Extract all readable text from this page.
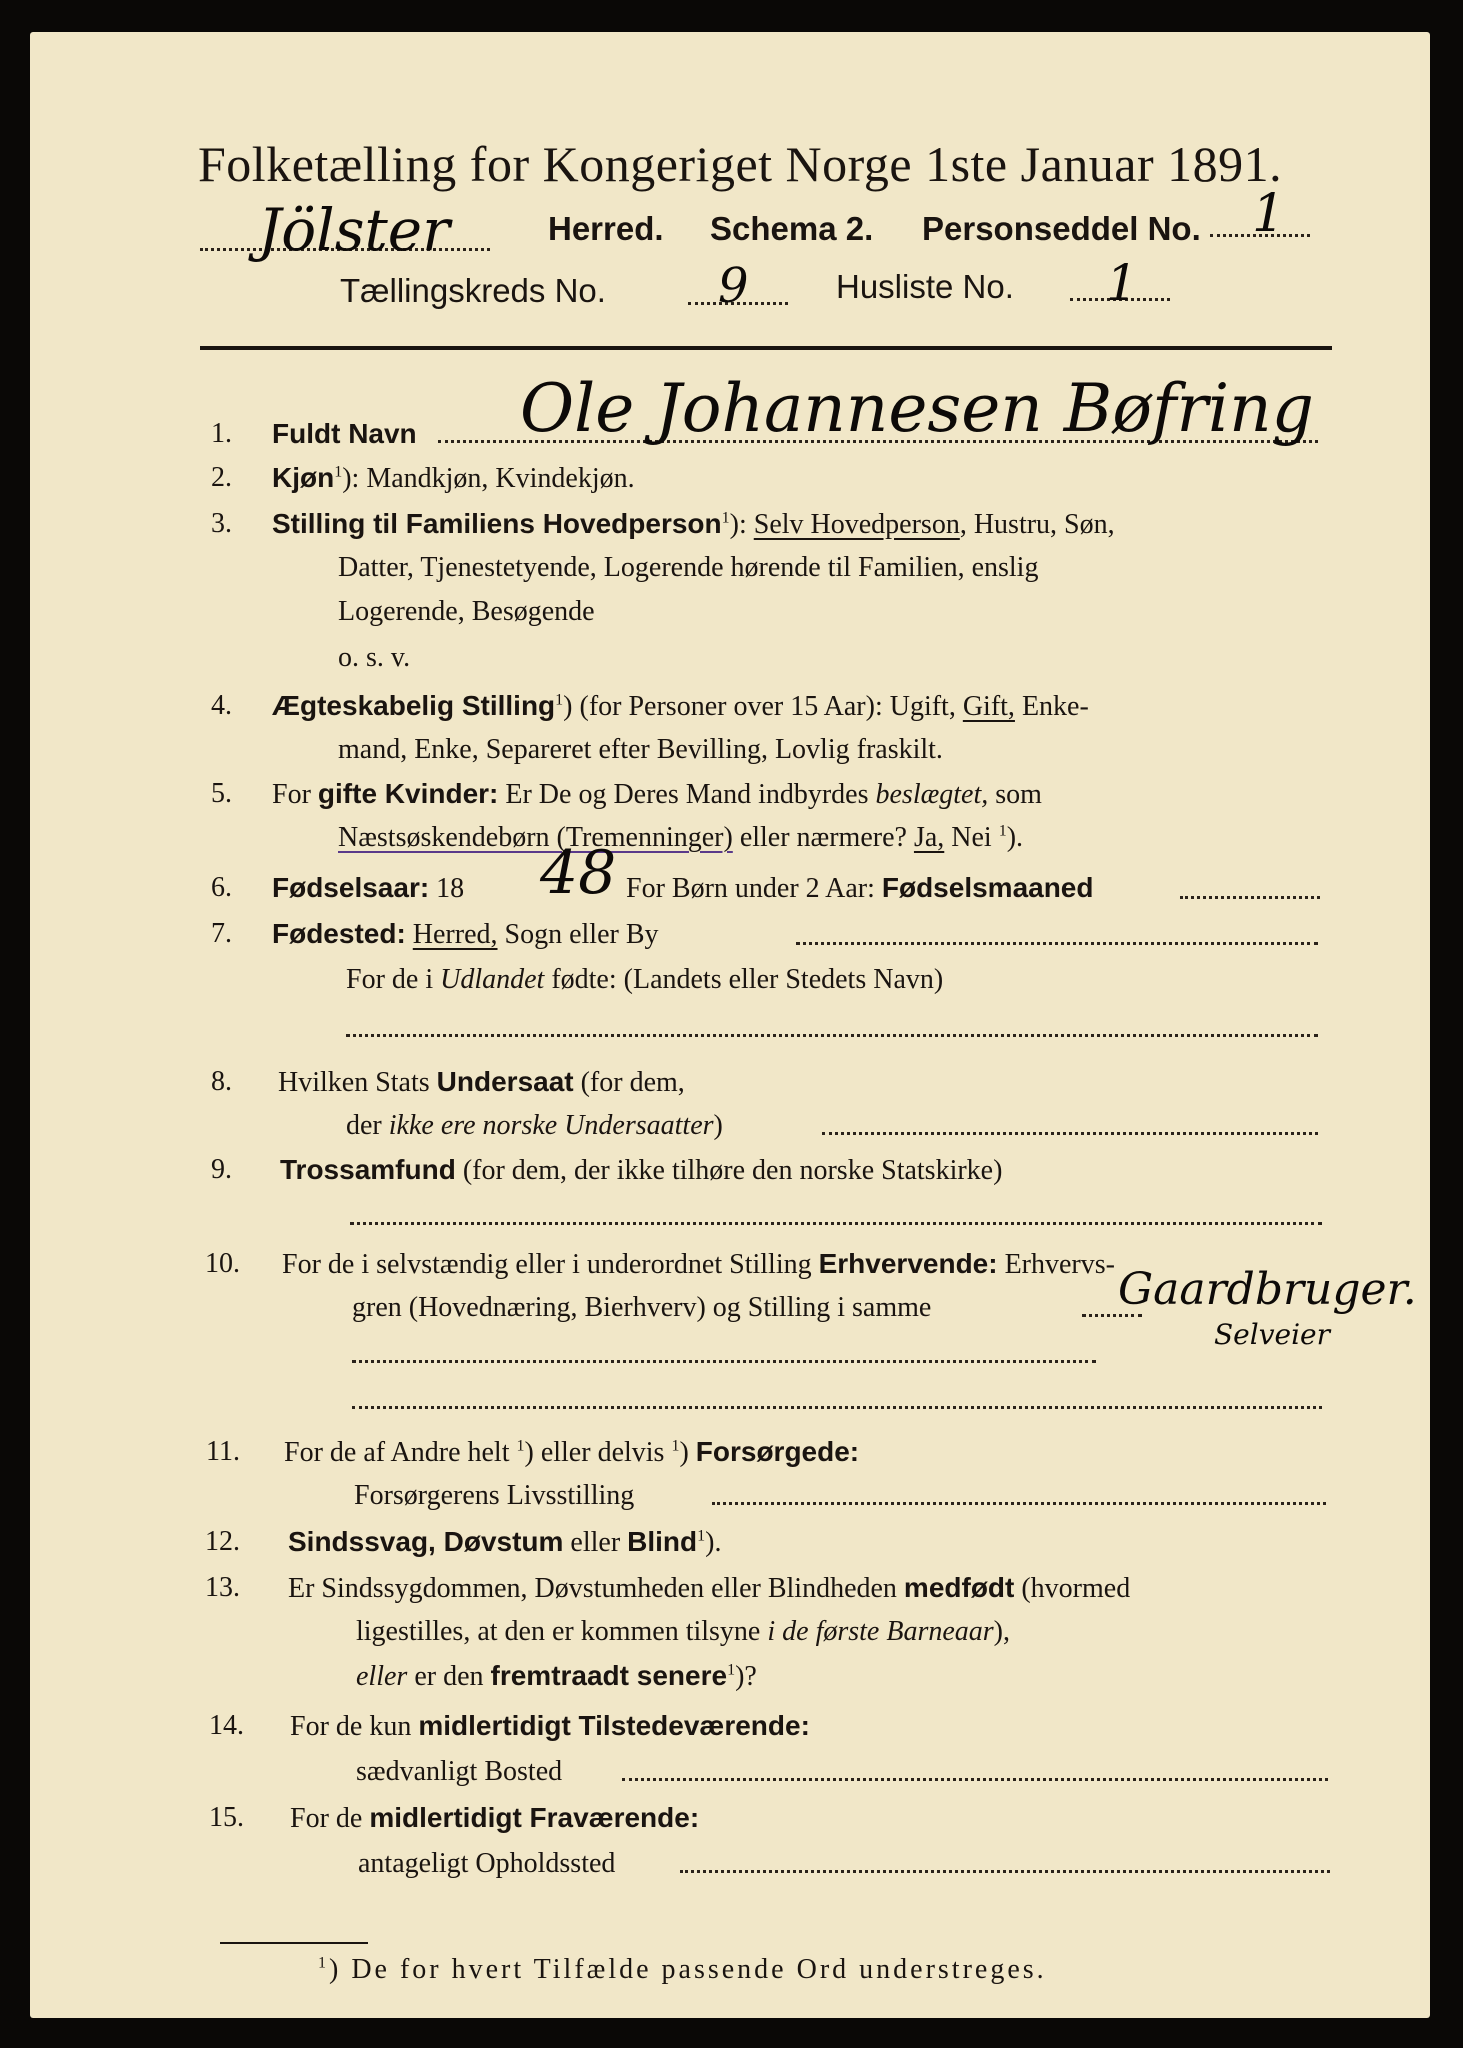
Folketælling for Kongeriget Norge 1ste Januar 1891.
Jölster	Herred. Schema 2. Personseddel No. 1
Tællingskreds No. 9	Husliste No. 1
1. Fuldt Navn Ole Johannesen Bøfring
2. Kjøn$^1$): Mandkjøn, Kvindekjøn.
3. Stilling til Familiens Hovedperson$^1$): Selv Hovedperson, Hustru, Søn,
Datter, Tjenestetyende, Logerende hørende til Familien, enslig
Logerende, Besøgende
o. s. v.
4. Ægteskabelig Stilling$^1$) (for Personer over 15 Aar): Ugift, Gift, Enke-
mand, Enke, Separeret efter Bevilling, Lovlig fraskilt.
5. For gifte Kvinder: Er De og Deres Mand indbyrdes beslægtet, som
Næstsøskendebørn (Tremenninger) eller nærmere? Ja, Nei $^1$).
6. Fødselsaar: 18 48 For Børn under 2 Aar: Fødselsmaaned
7. Fødested: Herred, Sogn eller By
For de i Udlandet fødte: (Landets eller Stedets Navn)
8. Hvilken Stats Undersaat (for dem,
der ikke ere norske Undersaatter)
9. Trossamfund (for dem, der ikke tilhøre den norske Statskirke)
10. For de i selvstændig eller i underordnet Stilling Erhvervende: Erhvervs-
gren (Hovednæring, Bierhverv) og Stilling i samme	Gaardbruger.
Selveier
11. For de af Andre helt $^1$) eller delvis $^1$) Forsørgede:
Forsørgerens Livsstilling
12. Sindssvag, Døvstum eller Blind$^1$).
13. Er Sindssygdommen, Døvstumheden eller Blindheden medfødt (hvormed
ligestilles, at den er kommen tilsyne i de første Barneaar),
eller er den fremtraadt senere$^1$)?
14. For de kun midlertidigt Tilstedeværende:
sædvanligt Bosted
15. For de midlertidigt Fraværende:
antageligt Opholdssted
$^1$) De for hvert Tilfælde passende Ord understreges.
